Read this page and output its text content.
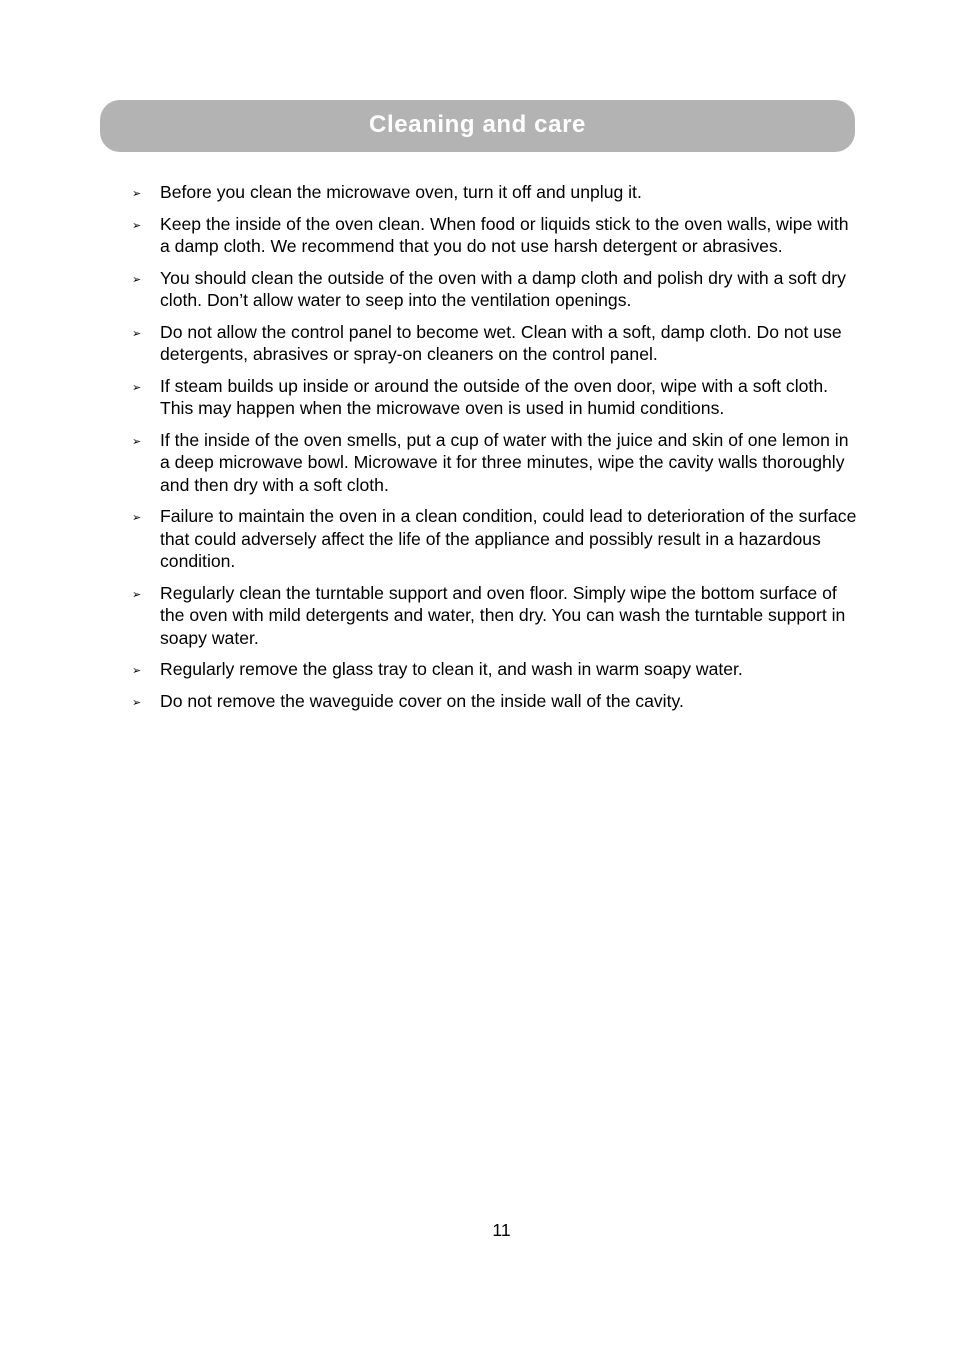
Cleaning and care
➢	Before you clean the microwave oven, turn it off and unplug it.
➢	Keep the inside of the oven clean. When food or liquids stick to the oven walls, wipe with a damp cloth. We recommend that you do not use harsh detergent or abrasives.
➢	You should clean the outside of the oven with a damp cloth and polish dry with a soft dry cloth. Don’t allow water to seep into the ventilation openings.
➢	Do not allow the control panel to become wet. Clean with a soft, damp cloth. Do not use detergents, abrasives or spray-on cleaners on the control panel.
➢	If steam builds up inside or around the outside of the oven door, wipe with a soft cloth. This may happen when the microwave oven is used in humid conditions.
➢	If the inside of the oven smells, put a cup of water with the juice and skin of one lemon in a deep microwave bowl. Microwave it for three minutes, wipe the cavity walls thoroughly and then dry with a soft cloth.
➢	Failure to maintain the oven in a clean condition, could lead to deterioration of the surface that could adversely affect the life of the appliance and possibly result in a hazardous condition.
➢	Regularly clean the turntable support and oven floor. Simply wipe the bottom surface of the oven with mild detergents and water, then dry. You can wash the turntable support in soapy water.
➢	Regularly remove the glass tray to clean it, and wash in warm soapy water.
➢	Do not remove the waveguide cover on the inside wall of the cavity.
11
